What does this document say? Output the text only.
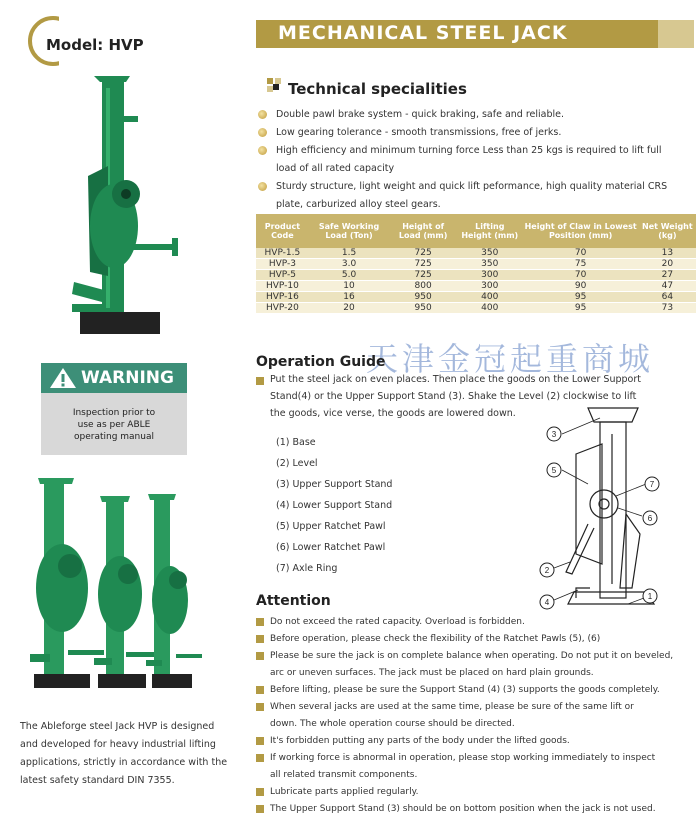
Model: HVP
MECHANICAL STEEL JACK
Technical specialities
Double pawl brake system - quick braking, safe and reliable.
Low gearing tolerance - smooth transmissions, free of jerks.
High efficiency and minimum turning force Less than 25 kgs is required to lift full
load of all rated capacity
Sturdy structure, light weight and quick lift peformance, high quality material CRS
plate, carburized alloy steel gears.
Product Code	Safe Working Load (Ton)	Height of Load (mm)	Lifting Height (mm)	Height of Claw in Lowest Position (mm)	Net Weight (kg)
HVP-1.5	1.5	725	350	70	13
HVP-3	3.0	725	350	75	20
HVP-5	5.0	725	300	70	27
HVP-10	10	800	300	90	47
HVP-16	16	950	400	95	64
HVP-20	20	950	400	95	73
天津金冠起重商城
Operation Guide
Put the steel jack on even places. Then place the goods on the Lower Support
Stand(4) or the Upper Support Stand (3). Shake the Level (2) clockwise to lift
the goods, vice verse, the goods are lowered down.
(1) Base
(2) Level
(3) Upper Support Stand
(4) Lower Support Stand
(5) Upper Ratchet Pawl
(6) Lower Ratchet Pawl
(7) Axle Ring
3
5
7
6
2
4
1
Attention
Do not exceed the rated capacity. Overload is forbidden.
Before operation, please check the flexibility of the Ratchet Pawls (5), (6)
Please be sure the jack is on complete balance when operating. Do not put it on beveled,
arc or uneven surfaces. The jack must be placed on hard plain grounds.
Before lifting, please be sure the Support Stand (4) (3) supports the goods completely.
When several jacks are used at the same time, please be sure of the same lift or
down. The whole operation course should be directed.
It's forbidden putting any parts of the body under the lifted goods.
If working force is abnormal in operation, please stop working immediately to inspect
all related transmit components.
Lubricate parts applied regularly.
The Upper Support Stand (3) should be on bottom position when the jack is not used.
WARNING
Inspection prior to
use as per ABLE
operating manual
The Ableforge steel Jack HVP is designed
and developed for heavy industrial lifting
applications, strictly in accordance with the
latest safety standard DIN 7355.
